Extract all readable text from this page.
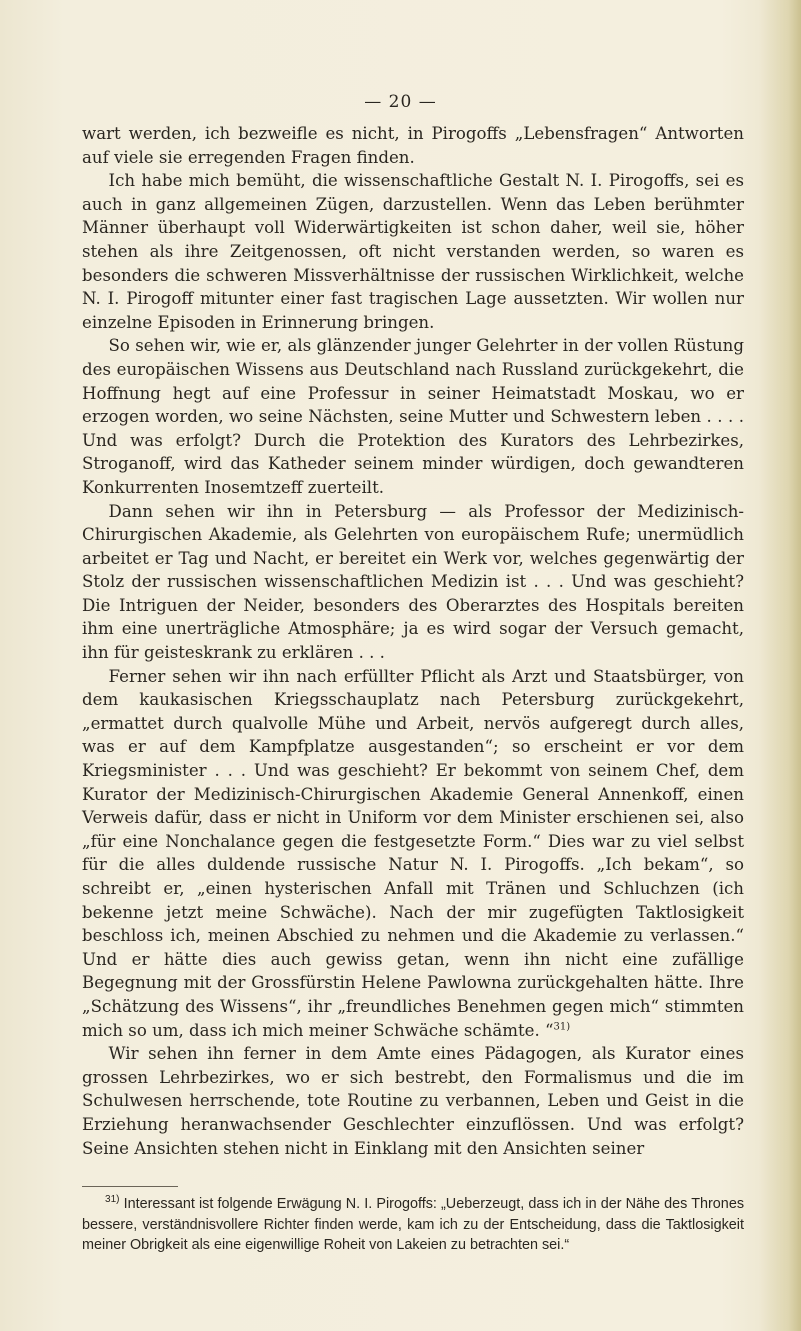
— 20 —

wart werden, ich bezweifle es nicht, in Pirogoffs „Lebensfragen“ Antworten auf viele sie erregenden Fragen finden.

Ich habe mich bemüht, die wissenschaftliche Gestalt N. I. Pirogoffs, sei es auch in ganz allgemeinen Zügen, darzustellen. Wenn das Leben berühmter Männer überhaupt voll Widerwärtigkeiten ist schon daher, weil sie, höher stehen als ihre Zeitgenossen, oft nicht verstanden werden, so waren es besonders die schweren Missverhältnisse der russischen Wirklichkeit, welche N. I. Pirogoff mitunter einer fast tragischen Lage aussetzten. Wir wollen nur einzelne Episoden in Erinnerung bringen.

So sehen wir, wie er, als glänzender junger Gelehrter in der vollen Rüstung des europäischen Wissens aus Deutschland nach Russland zurückgekehrt, die Hoffnung hegt auf eine Professur in seiner Heimatstadt Moskau, wo er erzogen worden, wo seine Nächsten, seine Mutter und Schwestern leben . . . . Und was erfolgt? Durch die Protektion des Kurators des Lehrbezirkes, Stroganoff, wird das Katheder seinem minder würdigen, doch gewandteren Konkurrenten Inosemtzeff zuerteilt.

Dann sehen wir ihn in Petersburg — als Professor der Medizinisch-Chirurgischen Akademie, als Gelehrten von europäischem Rufe; unermüdlich arbeitet er Tag und Nacht, er bereitet ein Werk vor, welches gegenwärtig der Stolz der russischen wissenschaftlichen Medizin ist . . . Und was geschieht? Die Intriguen der Neider, besonders des Oberarztes des Hospitals bereiten ihm eine unerträgliche Atmosphäre; ja es wird sogar der Versuch gemacht, ihn für geisteskrank zu erklären . . .

Ferner sehen wir ihn nach erfüllter Pflicht als Arzt und Staatsbürger, von dem kaukasischen Kriegsschauplatz nach Petersburg zurückgekehrt, „ermattet durch qualvolle Mühe und Arbeit, nervös aufgeregt durch alles, was er auf dem Kampfplatze ausgestanden“; so erscheint er vor dem Kriegsminister . . . Und was geschieht? Er bekommt von seinem Chef, dem Kurator der Medizinisch-Chirurgischen Akademie General Annenkoff, einen Verweis dafür, dass er nicht in Uniform vor dem Minister erschienen sei, also „für eine Nonchalance gegen die festgesetzte Form.“ Dies war zu viel selbst für die alles duldende russische Natur N. I. Pirogoffs. „Ich bekam“, so schreibt er, „einen hysterischen Anfall mit Tränen und Schluchzen (ich bekenne jetzt meine Schwäche). Nach der mir zugefügten Taktlosigkeit beschloss ich, meinen Abschied zu nehmen und die Akademie zu verlassen.“ Und er hätte dies auch gewiss getan, wenn ihn nicht eine zufällige Begegnung mit der Grossfürstin Helene Pawlowna zurückgehalten hätte. Ihre „Schätzung des Wissens“, ihr „freundliches Benehmen gegen mich“ stimmten mich so um, dass ich mich meiner Schwäche schämte. “$^{31)}$

Wir sehen ihn ferner in dem Amte eines Pädagogen, als Kurator eines grossen Lehrbezirkes, wo er sich bestrebt, den Formalismus und die im Schulwesen herrschende, tote Routine zu verbannen, Leben und Geist in die Erziehung heranwachsender Geschlechter einzuflössen. Und was erfolgt? Seine Ansichten stehen nicht in Einklang mit den Ansichten seiner

$^{31)}$ Interessant ist folgende Erwägung N. I. Pirogoffs: „Ueberzeugt, dass ich in der Nähe des Thrones bessere, verständnisvollere Richter finden werde, kam ich zu der Entscheidung, dass die Taktlosigkeit meiner Obrigkeit als eine eigenwillige Roheit von Lakeien zu betrachten sei.“
